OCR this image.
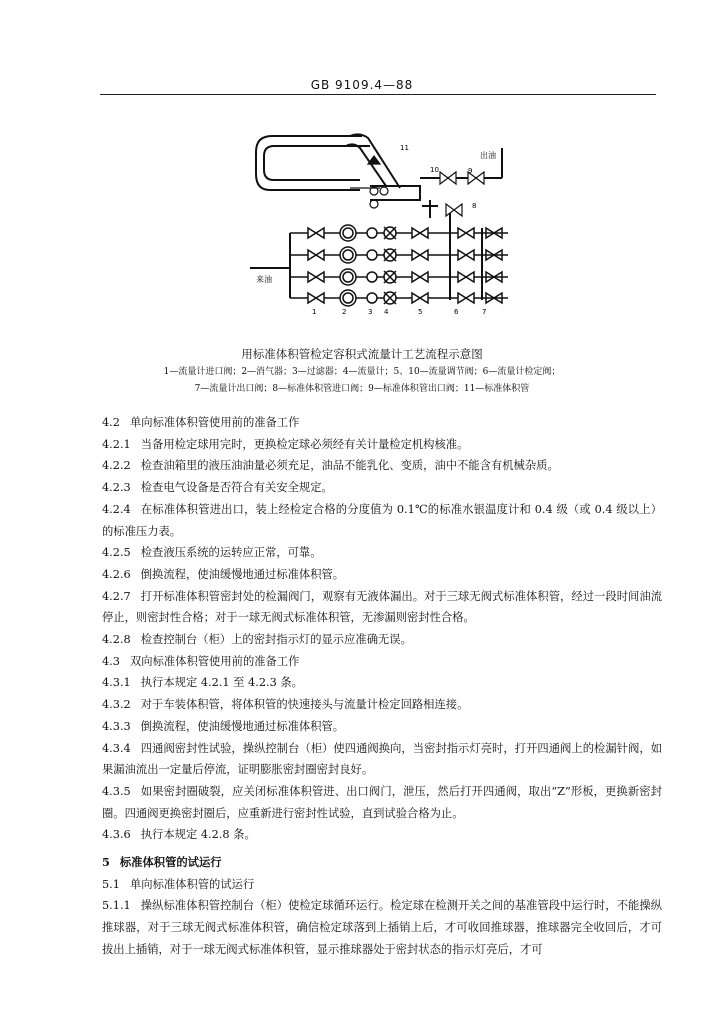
GB 9109.4—88
11
10	9
8
出油
来油
1	2	3 4	5	6	7
用标准体积管检定容积式流量计工艺流程示意图
1—流量计进口阀；2—消气器；3—过滤器；4—流量计；5、10—流量调节阀；6—流量计检定阀；
7—流量计出口阀；8—标准体积管进口阀；9—标准体积管出口阀；11—标准体积管
4.2 单向标准体积管使用前的准备工作
4.2.1 当备用检定球用完时，更换检定球必须经有关计量检定机构核准。
4.2.2 检查油箱里的液压油油量必须充足，油品不能乳化、变质，油中不能含有机械杂质。
4.2.3 检查电气设备是否符合有关安全规定。
4.2.4 在标准体积管进出口，装上经检定合格的分度值为 0.1℃的标准水银温度计和 0.4 级（或 0.4 级以上）的标准压力表。
4.2.5 检查液压系统的运转应正常，可靠。
4.2.6 倒换流程，使油缓慢地通过标准体积管。
4.2.7 打开标准体积管密封处的检漏阀门，观察有无液体漏出。对于三球无阀式标准体积管，经过一段时间油流停止，则密封性合格；对于一球无阀式标准体积管，无渗漏则密封性合格。
4.2.8 检查控制台（柜）上的密封指示灯的显示应准确无误。
4.3 双向标准体积管使用前的准备工作
4.3.1 执行本规定 4.2.1 至 4.2.3 条。
4.3.2 对于车装体积管，将体积管的快速接头与流量计检定回路相连接。
4.3.3 倒换流程，使油缓慢地通过标准体积管。
4.3.4 四通阀密封性试验，操纵控制台（柜）使四通阀换向，当密封指示灯亮时，打开四通阀上的检漏针阀，如果漏油流出一定量后停流，证明膨胀密封圈密封良好。
4.3.5 如果密封圈破裂，应关闭标准体积管进、出口阀门，泄压，然后打开四通阀，取出“Z”形板，更换新密封圈。四通阀更换密封圈后，应重新进行密封性试验，直到试验合格为止。
4.3.6 执行本规定 4.2.8 条。
5 标准体积管的试运行
5.1 单向标准体积管的试运行
5.1.1 操纵标准体积管控制台（柜）使检定球循环运行。检定球在检测开关之间的基准管段中运行时，不能操纵推球器，对于三球无阀式标准体积管，确信检定球落到上插销上后，才可收回推球器，推球器完全收回后，才可拔出上插销，对于一球无阀式标准体积管，显示推球器处于密封状态的指示灯亮后，才可
